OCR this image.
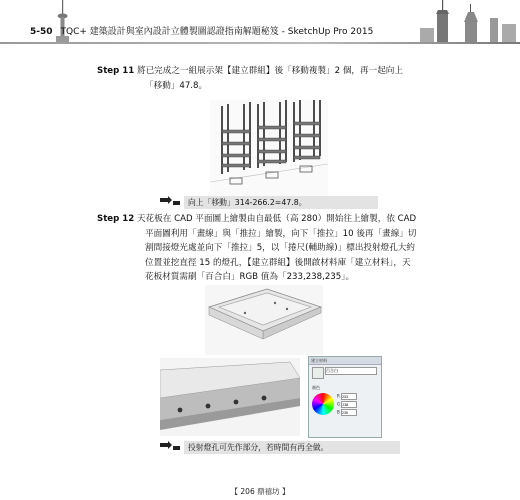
5-50 TQC+ 建築設計與室內設計立體製圖認證指南解題秘笈 - SketchUp Pro 2015
Step 11 將已完成之一組展示架【建立群組】後「移動複製」2 個，再一起向上
「移動」47.8。
向上「移動」314-266.2=47.8。
Step 12 天花板在 CAD 平面圖上繪製由自最低（高 280）開始往上繪製，依 CAD
平面圖利用「畫線」與「推拉」繪製，向下「推拉」10 後再「畫線」切
割間接燈光處並向下「推拉」5，以「捲尺(輔助線)」標出投射燈孔大約
位置並挖直徑 15 的燈孔，【建立群組】後開啟材料庫「建立材料」，天
花板材質需刷「百合白」RGB 值為「233,238,235」。
建立材料
百合白
顏色
R 233
G 238
B 235
投射燈孔可先作部分，若時間有再全做。
【 206 鼎禧坊 】
